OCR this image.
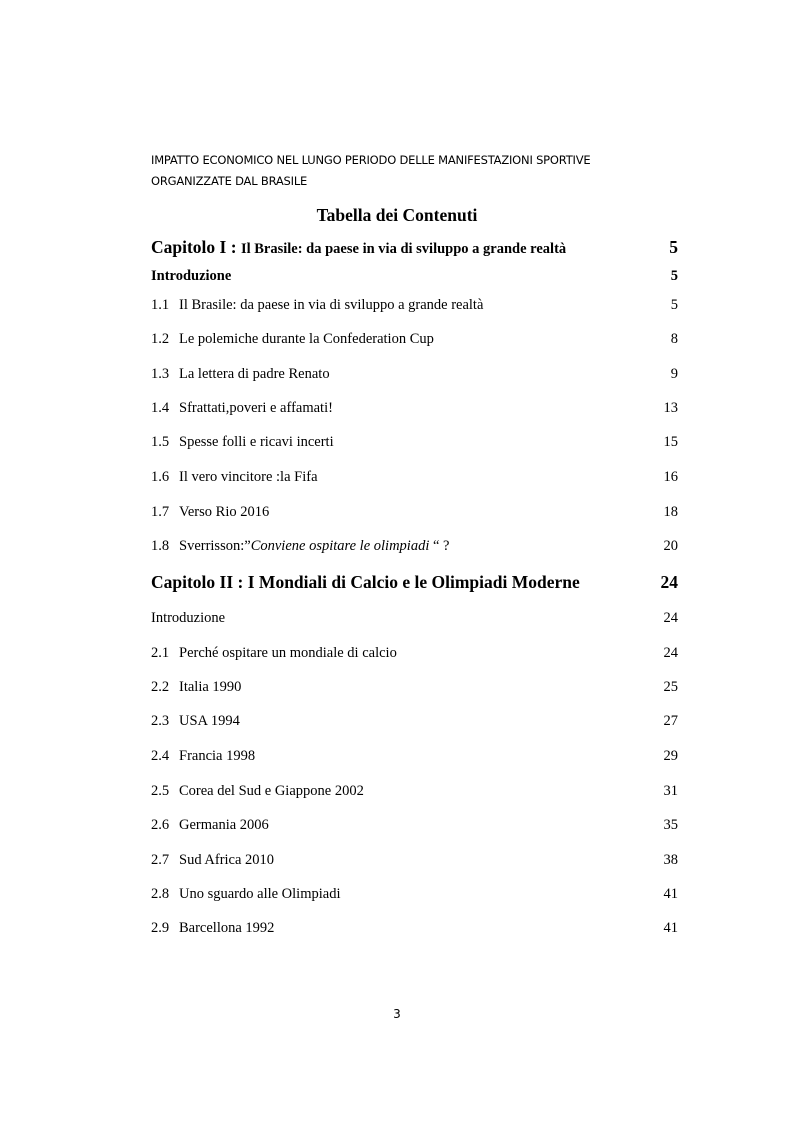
IMPATTO ECONOMICO NEL LUNGO PERIODO DELLE MANIFESTAZIONI SPORTIVE
ORGANIZZATE DAL BRASILE
Tabella dei Contenuti
Capitolo I : Il Brasile: da paese in via di sviluppo a grande realtà	5
Introduzione	5
1.1 Il Brasile: da paese in via di sviluppo a grande realtà	5
1.2 Le polemiche durante la Confederation Cup	8
1.3 La lettera di padre Renato	9
1.4 Sfrattati,poveri e affamati!	13
1.5 Spesse folli e ricavi incerti	15
1.6 Il vero vincitore :la Fifa	16
1.7 Verso Rio 2016	18
1.8 Sverrisson:”Conviene ospitare le olimpiadi “ ?	20
Capitolo II : I Mondiali di Calcio e le Olimpiadi Moderne	24
Introduzione	24
2.1 Perché ospitare un mondiale di calcio	24
2.2 Italia 1990	25
2.3 USA 1994	27
2.4 Francia 1998	29
2.5 Corea del Sud e Giappone 2002	31
2.6 Germania 2006	35
2.7 Sud Africa 2010	38
2.8 Uno sguardo alle Olimpiadi	41
2.9 Barcellona 1992	41
3
